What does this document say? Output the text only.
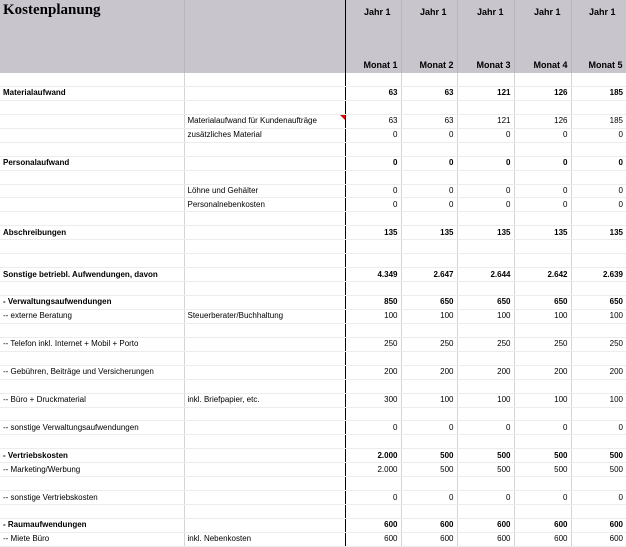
Kostenplanung		Jahr 1	Jahr 1	Jahr 1	Jahr 1	Jahr 1

		Monat 1	Monat 2	Monat 3	Monat 4	Monat 5

Materialaufwand		63	63	121	126	185

	Materialaufwand für Kundenaufträge	63	63	121	126	185
	zusätzliches Material	0	0	0	0	0

Personalaufwand		0	0	0	0	0

	Löhne und Gehälter	0	0	0	0	0
	Personalnebenkosten	0	0	0	0	0

Abschreibungen		135	135	135	135	135

Sonstige betriebl. Aufwendungen, davon		4.349	2.647	2.644	2.642	2.639

- Verwaltungsaufwendungen		850	650	650	650	650
-- externe Beratung	Steuerberater/Buchhaltung	100	100	100	100	100

-- Telefon inkl. Internet + Mobil + Porto		250	250	250	250	250

-- Gebühren, Beiträge und Versicherungen		200	200	200	200	200

-- Büro + Druckmaterial	inkl. Briefpapier, etc.	300	100	100	100	100

-- sonstige Verwaltungsaufwendungen		0	0	0	0	0

- Vertriebskosten		2.000	500	500	500	500
-- Marketing/Werbung		2.000	500	500	500	500

-- sonstige Vertriebskosten		0	0	0	0	0

- Raumaufwendungen		600	600	600	600	600
-- Miete Büro	inkl. Nebenkosten	600	600	600	600	600
